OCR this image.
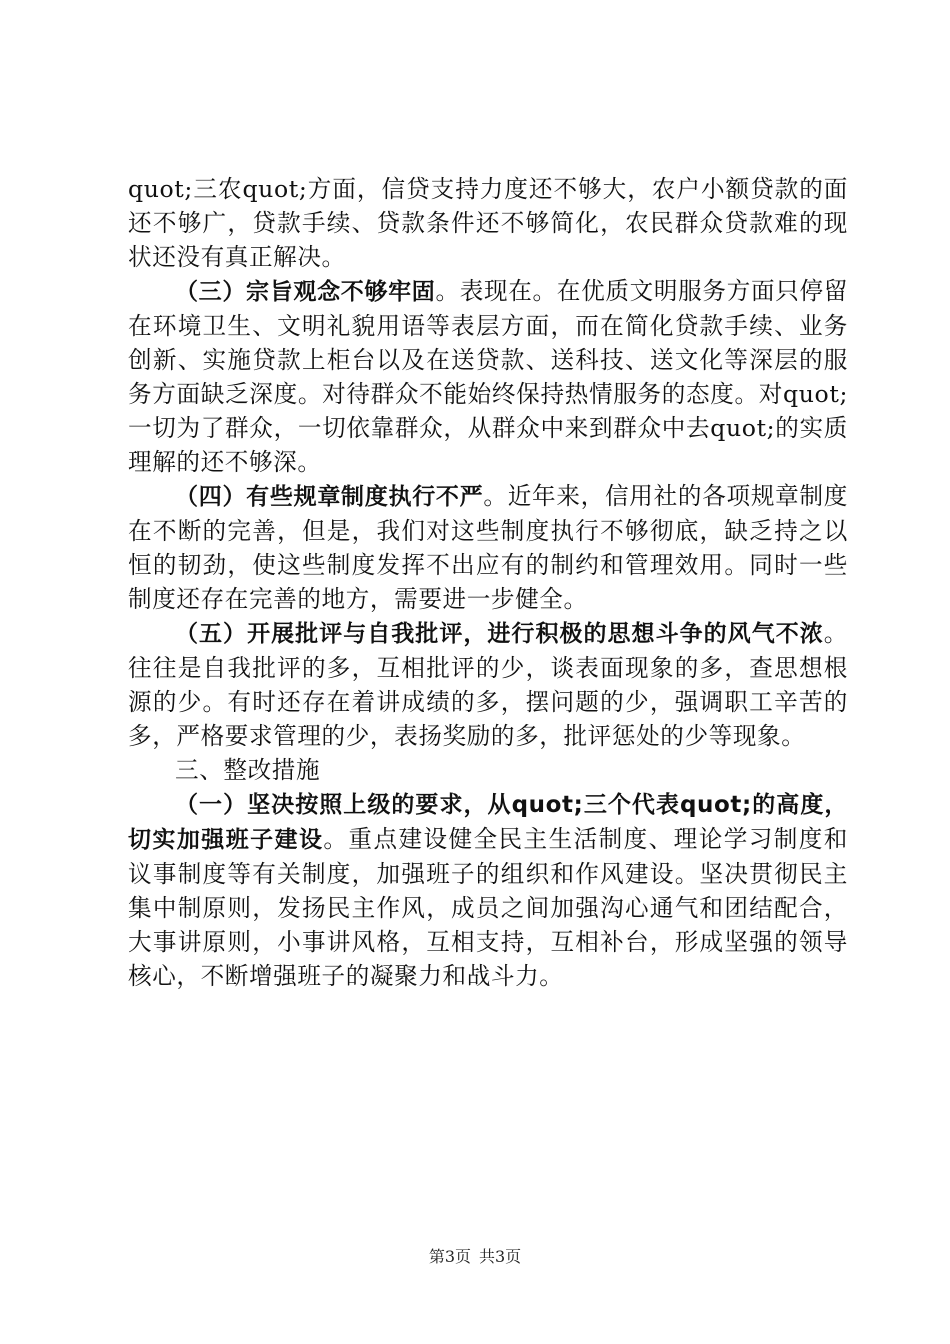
quot;三农quot;方面，信贷支持力度还不够大，农户小额贷款的面还不够广，贷款手续、贷款条件还不够简化，农民群众贷款难的现状还没有真正解决。

（三）宗旨观念不够牢固。表现在。在优质文明服务方面只停留在环境卫生、文明礼貌用语等表层方面，而在简化贷款手续、业务创新、实施贷款上柜台以及在送贷款、送科技、送文化等深层的服务方面缺乏深度。对待群众不能始终保持热情服务的态度。对quot;一切为了群众，一切依靠群众，从群众中来到群众中去quot;的实质理解的还不够深。

（四）有些规章制度执行不严。近年来，信用社的各项规章制度在不断的完善，但是，我们对这些制度执行不够彻底，缺乏持之以恒的韧劲，使这些制度发挥不出应有的制约和管理效用。同时一些制度还存在完善的地方，需要进一步健全。

（五）开展批评与自我批评，进行积极的思想斗争的风气不浓。往往是自我批评的多，互相批评的少，谈表面现象的多，查思想根源的少。有时还存在着讲成绩的多，摆问题的少，强调职工辛苦的多，严格要求管理的少，表扬奖励的多，批评惩处的少等现象。

三、整改措施

（一）坚决按照上级的要求，从quot;三个代表quot;的高度，切实加强班子建设。重点建设健全民主生活制度、理论学习制度和议事制度等有关制度，加强班子的组织和作风建设。坚决贯彻民主集中制原则，发扬民主作风，成员之间加强沟心通气和团结配合，大事讲原则，小事讲风格，互相支持，互相补台，形成坚强的领导核心，不断增强班子的凝聚力和战斗力。

第3页 共3页
